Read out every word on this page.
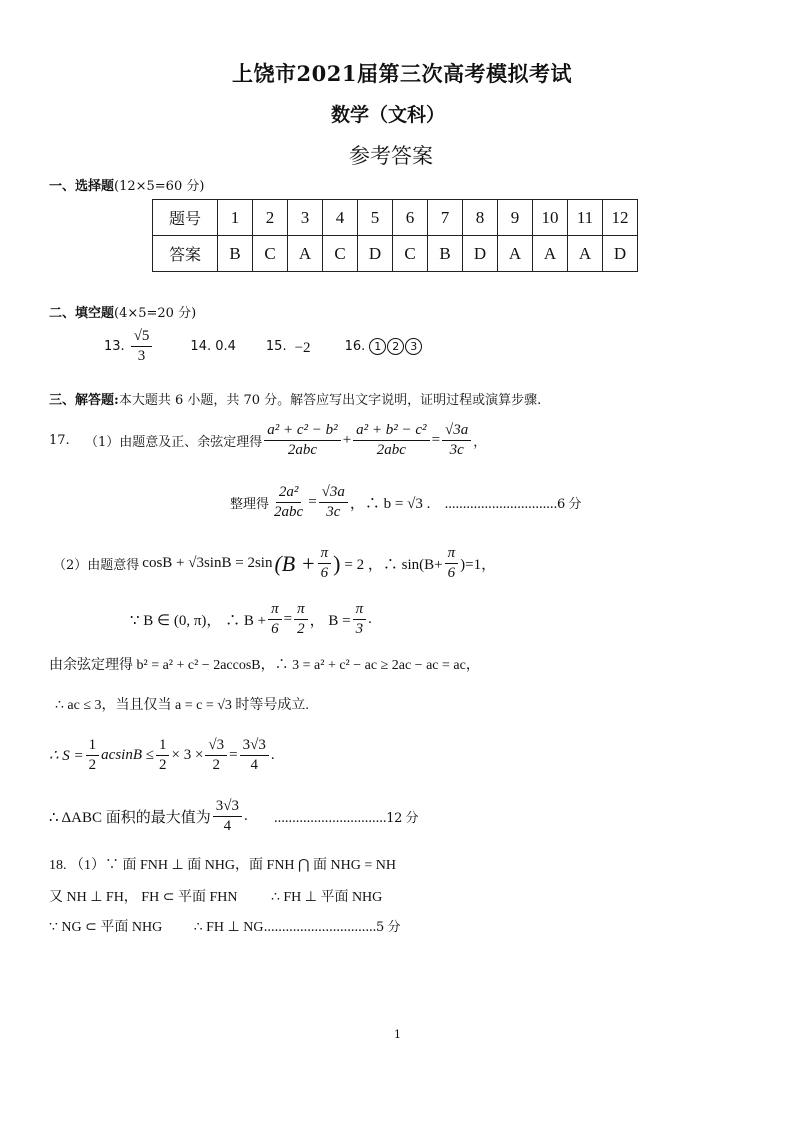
上饶市2021届第三次高考模拟考试
数学（文科）
参考答案
一、选择题(12×5=60 分)
题号	1	2	3	4	5	6	7	8	9	10	11	12
答案	B	C	A	C	D	C	B	D	A	A	A	D
二、填空题(4×5=20 分)
13. $\frac{√5}{3}$	14. 0.4 15. −2	16. 1 2 3
三、解答题:本大题共 6 小题，共 70 分。解答应写出文字说明，证明过程或演算步骤.
17.	（1）由题意及正、余弦定理得 $\frac{\text{a² + c² − b²}}{\text{2abc}} + \frac{\text{a² + b² − c²}}{\text{2abc}} = \frac{√3a}{3c}$ ，
整理得 $\frac{\text{2a²}}{\text{2abc}} = \frac{√3a}{3c}$ ，∴ b = √3 . ...............................6 分
（2）由题意得 cosB + √3sinB = 2sin ($B + \frac{\pi}{6}$ ) = 2 ，∴ $\sin(B+ \frac{\pi}{6} )=1$，
∵ B ∈ (0, π)， ∴ $B + \frac{\pi}{6} = \frac{\pi}{2}$ ， $B = \frac{\pi}{3}$ .
由余弦定理得 b² = a² + c² − 2accosB，∴ 3 = a² + c² − ac ≥ 2ac − ac = ac，
∴ ac ≤ 3，当且仅当 a = c = √3 时等号成立.
∴ $S = \frac{1}{2}$ $acsinB \le \frac{1}{2} \times 3 \times \frac{√3}{2} = \frac{3√3}{4}$ .
∴ ΔABC 面积的最大值为 $\frac{3√3}{4}$ . ...............................12 分
18. （1）∵ 面 FNH ⊥ 面 NHG，面 FNH ⋂ 面 NHG = NH
又 NH ⊥ FH， FH ⊂ 平面 FHN ∴ FH ⊥ 平面 NHG
∵ NG ⊂ 平面 NHG ∴ FH ⊥ NG...............................5 分
1
